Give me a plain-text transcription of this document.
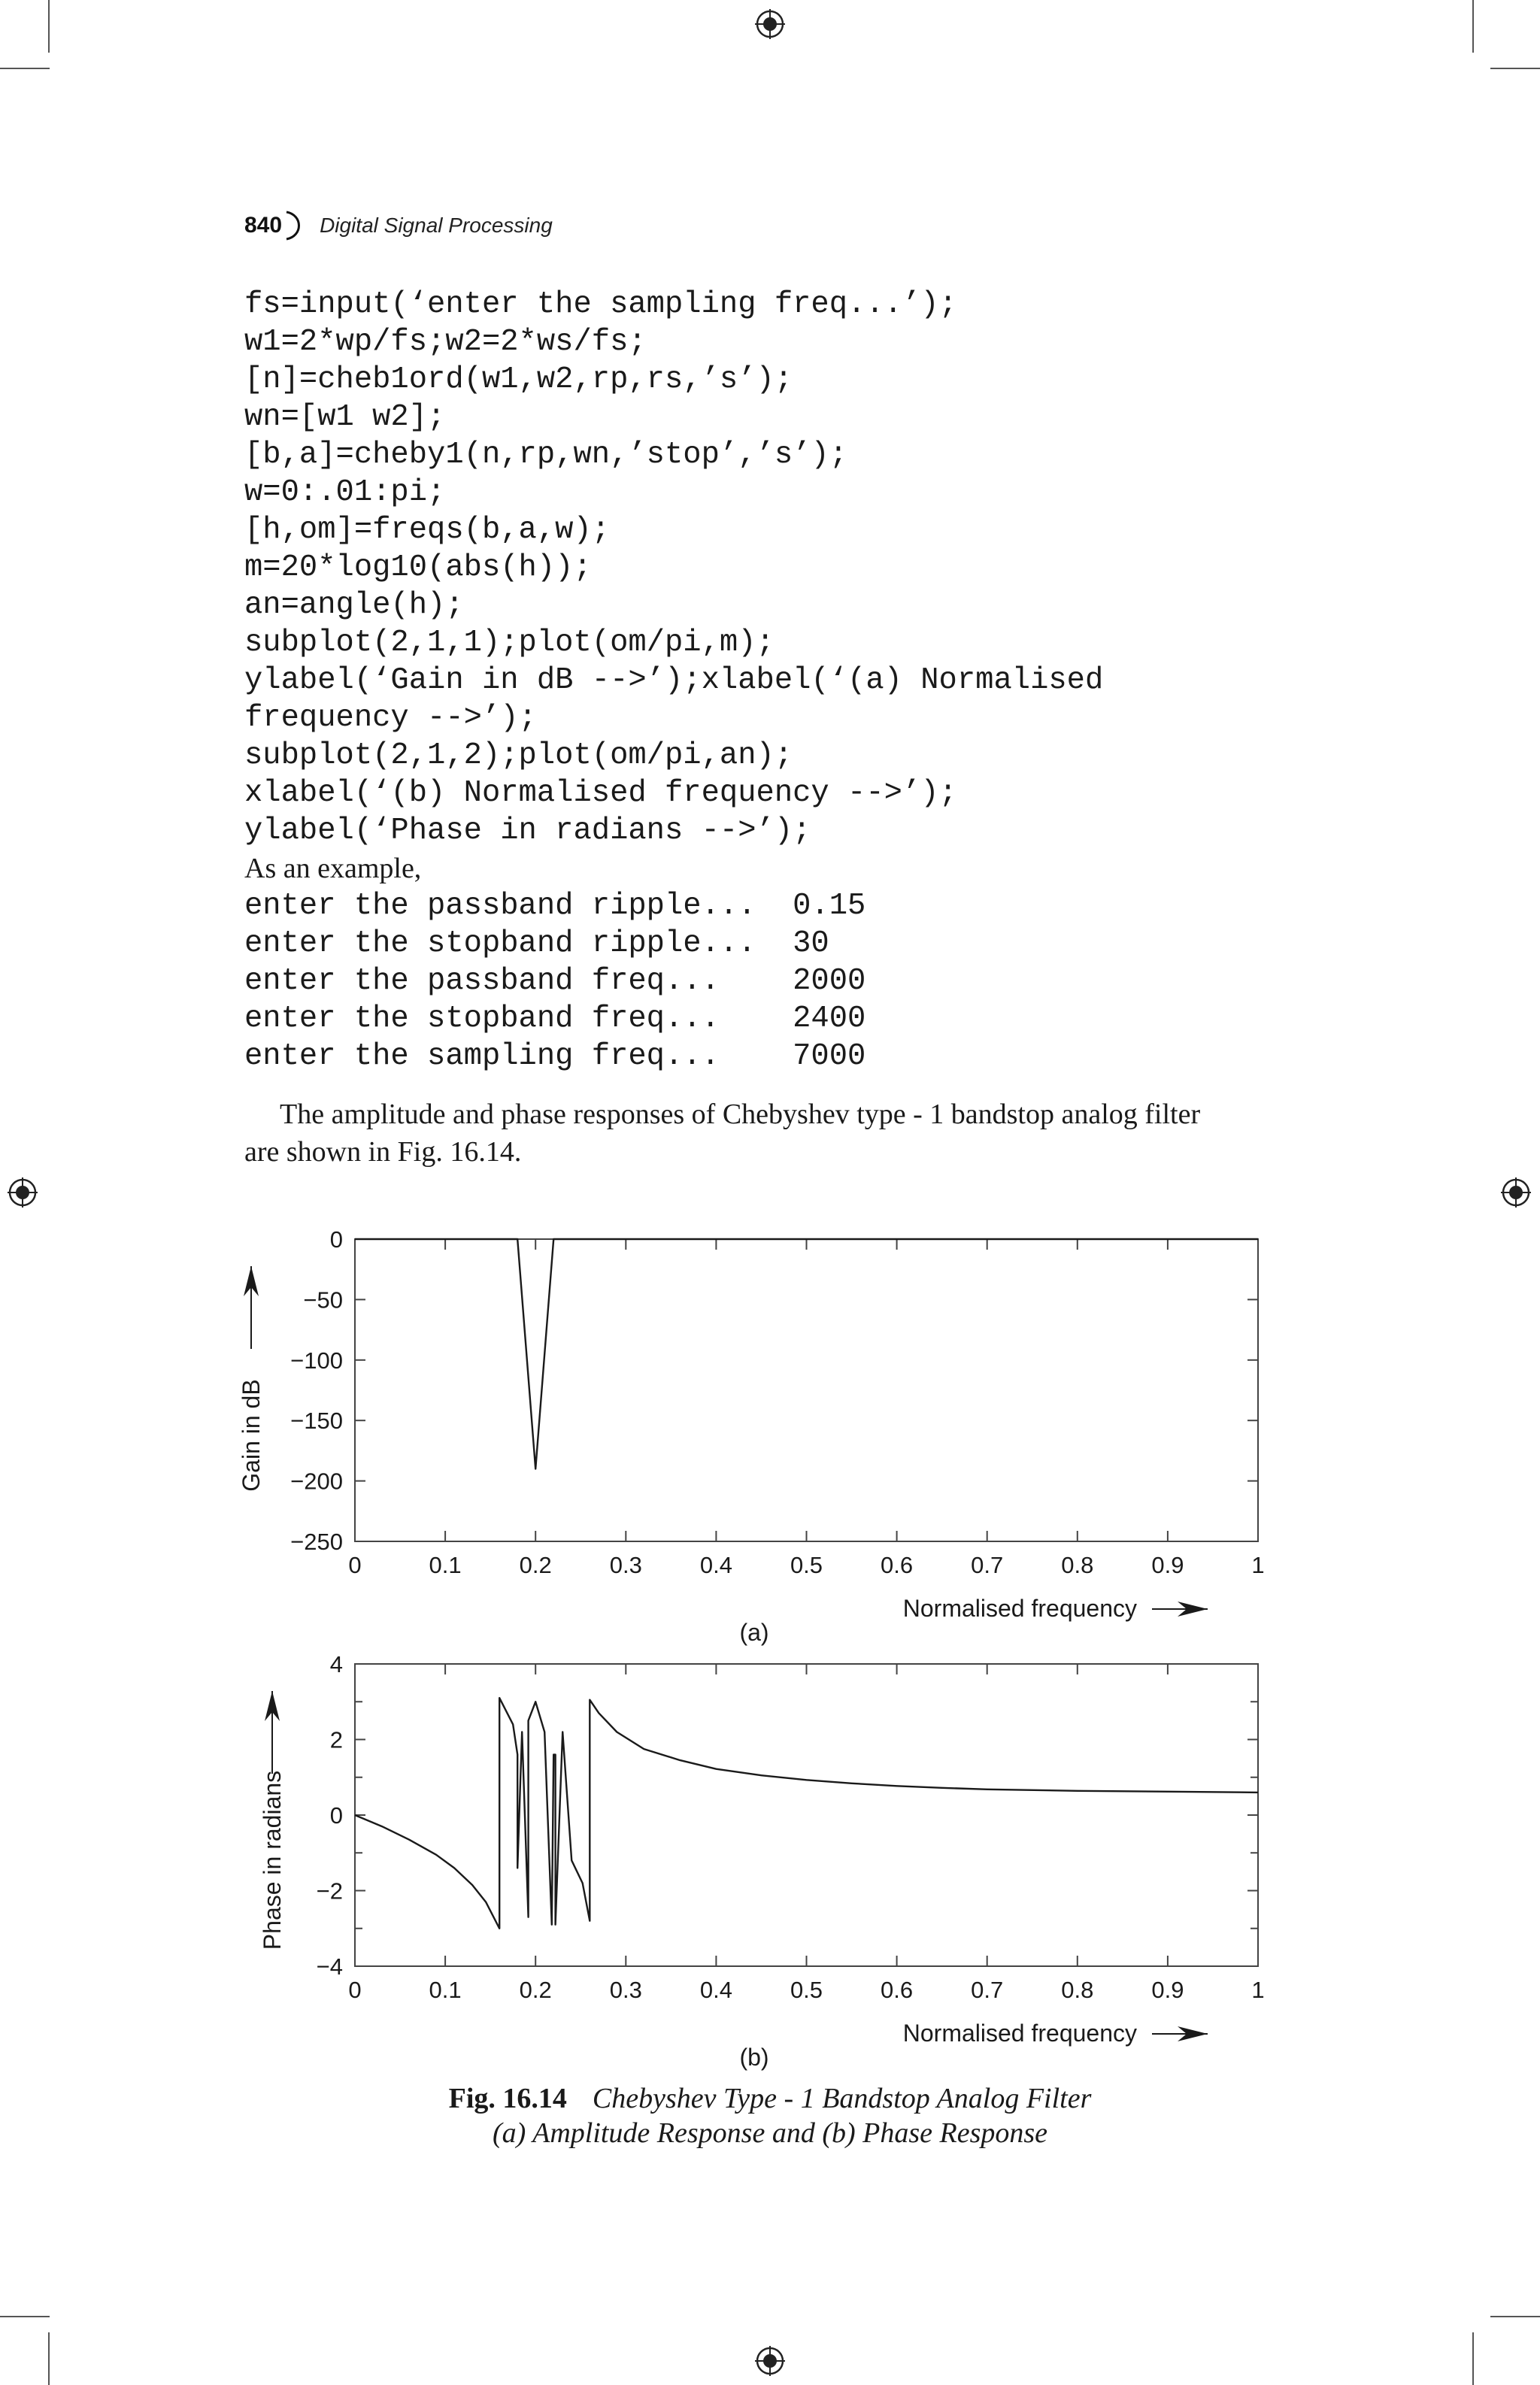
840 Digital Signal Processing
fs=input(‘enter the sampling freq...’);
w1=2*wp/fs;w2=2*ws/fs;
[n]=cheb1ord(w1,w2,rp,rs,’s’);
wn=[w1 w2];
[b,a]=cheby1(n,rp,wn,’stop’,’s’);
w=0:.01:pi;
[h,om]=freqs(b,a,w);
m=20*log10(abs(h));
an=angle(h);
subplot(2,1,1);plot(om/pi,m);
ylabel(‘Gain in dB -->’);xlabel(‘(a) Normalised
frequency -->’);
subplot(2,1,2);plot(om/pi,an);
xlabel(‘(b) Normalised frequency -->’);
ylabel(‘Phase in radians -->’);
As an example,
enter the passband ripple...  0.15
enter the stopband ripple...  30
enter the passband freq...    2000
enter the stopband freq...    2400
enter the sampling freq...    7000
The amplitude and phase responses of Chebyshev type - 1 bandstop analog filter
are shown in Fig. 16.14.
0	0.1 0.2 0.3 0.4 0.5 0.6 0.7 0.8 0.9	1
0
−50
−100
−150
−200
−250
Gain in dB
Normalised frequency
(a)
0	0.1 0.2 0.3 0.4 0.5 0.6 0.7 0.8 0.9	1
4
2
0
−2
−4
Phase in radians
Normalised frequency
(b)
Fig. 16.14 Chebyshev Type - 1 Bandstop Analog Filter
(a) Amplitude Response and (b) Phase Response
